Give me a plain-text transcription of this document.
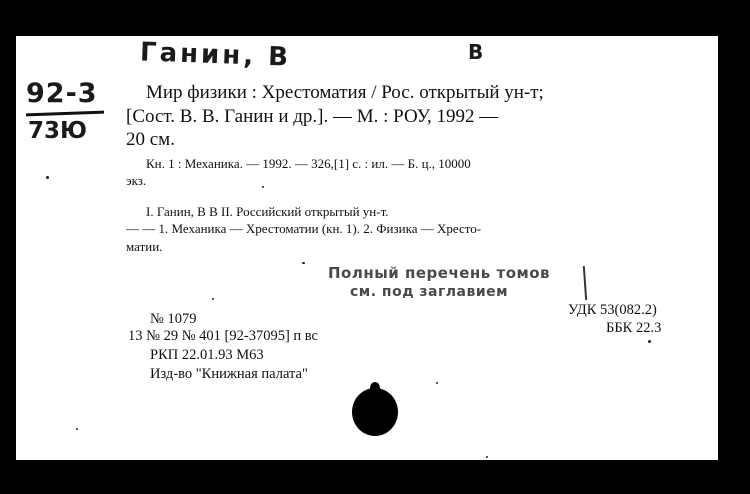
Ганин, В	В
92-3
73Ю
Мир физики : Хрестоматия / Рос. открытый ун-т;
[Сост. В. В. Ганин и др.]. — М. : РОУ, 1992 —
20 см.
Кн. 1 : Механика. — 1992. — 326,[1] с. : ил. — Б. ц., 10000
экз.
I. Ганин, В В II. Российский открытый ун-т.
— — 1. Механика — Хрестоматии (кн. 1). 2. Физика — Хресто-
матии.
Полный перечень томов
см. под заглавием
№ 1079
УДК 53(082.2)
ББК 22.3
13 № 29 № 401 [92-37095] п вс
РКП 22.01.93 М63
Изд-во "Книжная палата"
